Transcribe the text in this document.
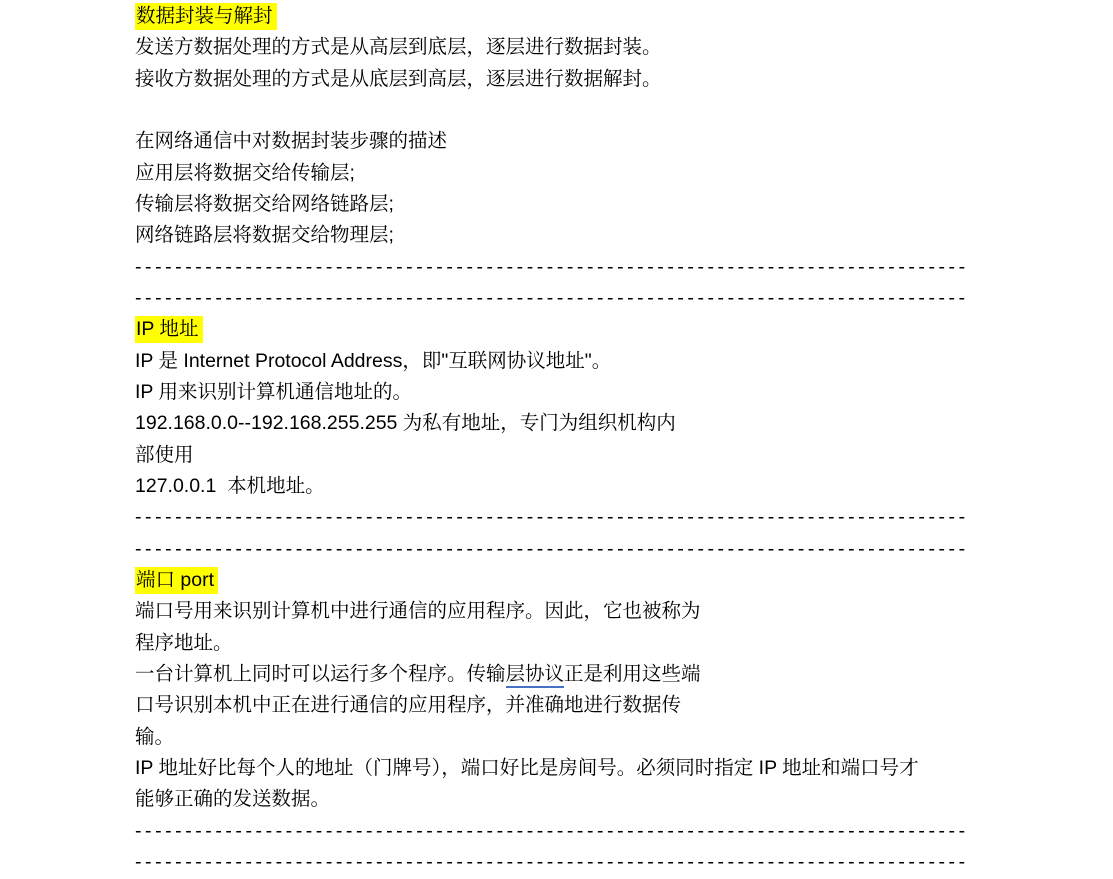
数据封装与解封

发送方数据处理的方式是从高层到底层，逐层进行数据封装。

接收方数据处理的方式是从底层到高层，逐层进行数据解封。

在网络通信中对数据封装步骤的描述

应用层将数据交给传输层;

传输层将数据交给网络链路层;

网络链路层将数据交给物理层;

-----------------------------------------------------------------------------------

-----------------------------------------------------------------------------------

IP 地址

IP 是 Internet Protocol Address，即"互联网协议地址"。

IP 用来识别计算机通信地址的。

192.168.0.0--192.168.255.255 为私有地址，专门为组织机构内

部使用

127.0.0.1  本机地址。

-----------------------------------------------------------------------------------

-----------------------------------------------------------------------------------

端口 port

端口号用来识别计算机中进行通信的应用程序。因此，它也被称为

程序地址。

一台计算机上同时可以运行多个程序。传输层协议正是利用这些端

口号识别本机中正在进行通信的应用程序，并准确地进行数据传

输。

IP 地址好比每个人的地址（门牌号），端口好比是房间号。必须同时指定 IP 地址和端口号才

能够正确的发送数据。

-----------------------------------------------------------------------------------

-----------------------------------------------------------------------------------
